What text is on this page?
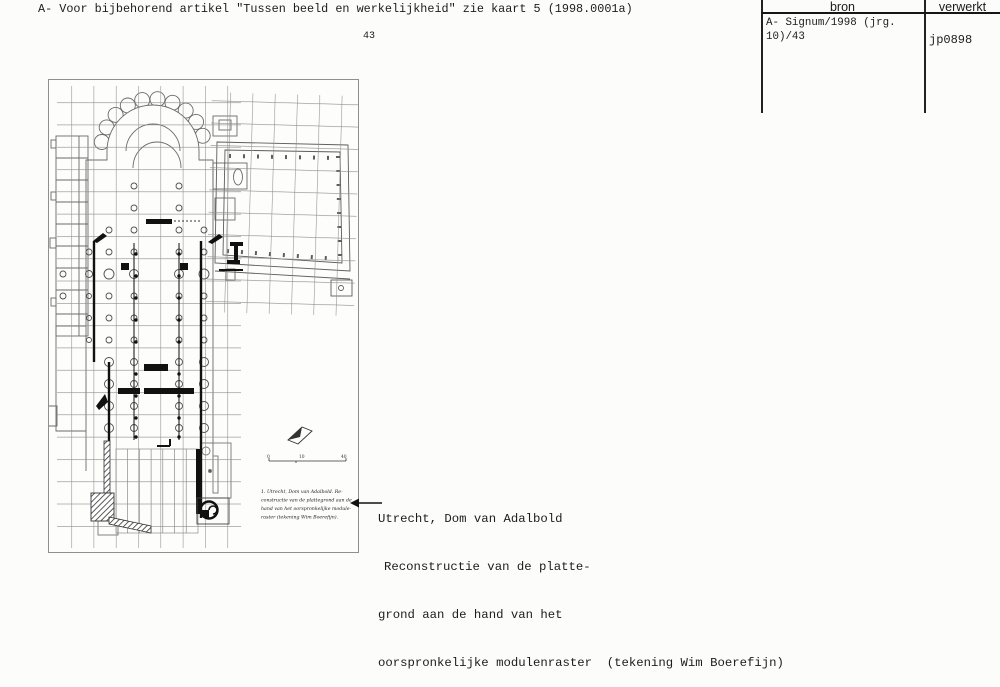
A- Voor bijbehorend artikel "Tussen beeld en werkelijkheid" zie kaart 5 (1998.0001a)
43
bron	verwerkt
A- Signum/1998 (jrg.
10)/43	jp0898
0	10	40
1. Utrecht, Dom van Adalbold. Re-
constructie van de plattegrond aan de
hand van het oorspronkelijke module-
raster (tekening Wim Boerefijn).

	Utrecht, Dom van Adalbold

Reconstructie van de platte-

grond aan de hand van het

oorspronkelijke modulenraster  (tekening Wim Boerefijn)
